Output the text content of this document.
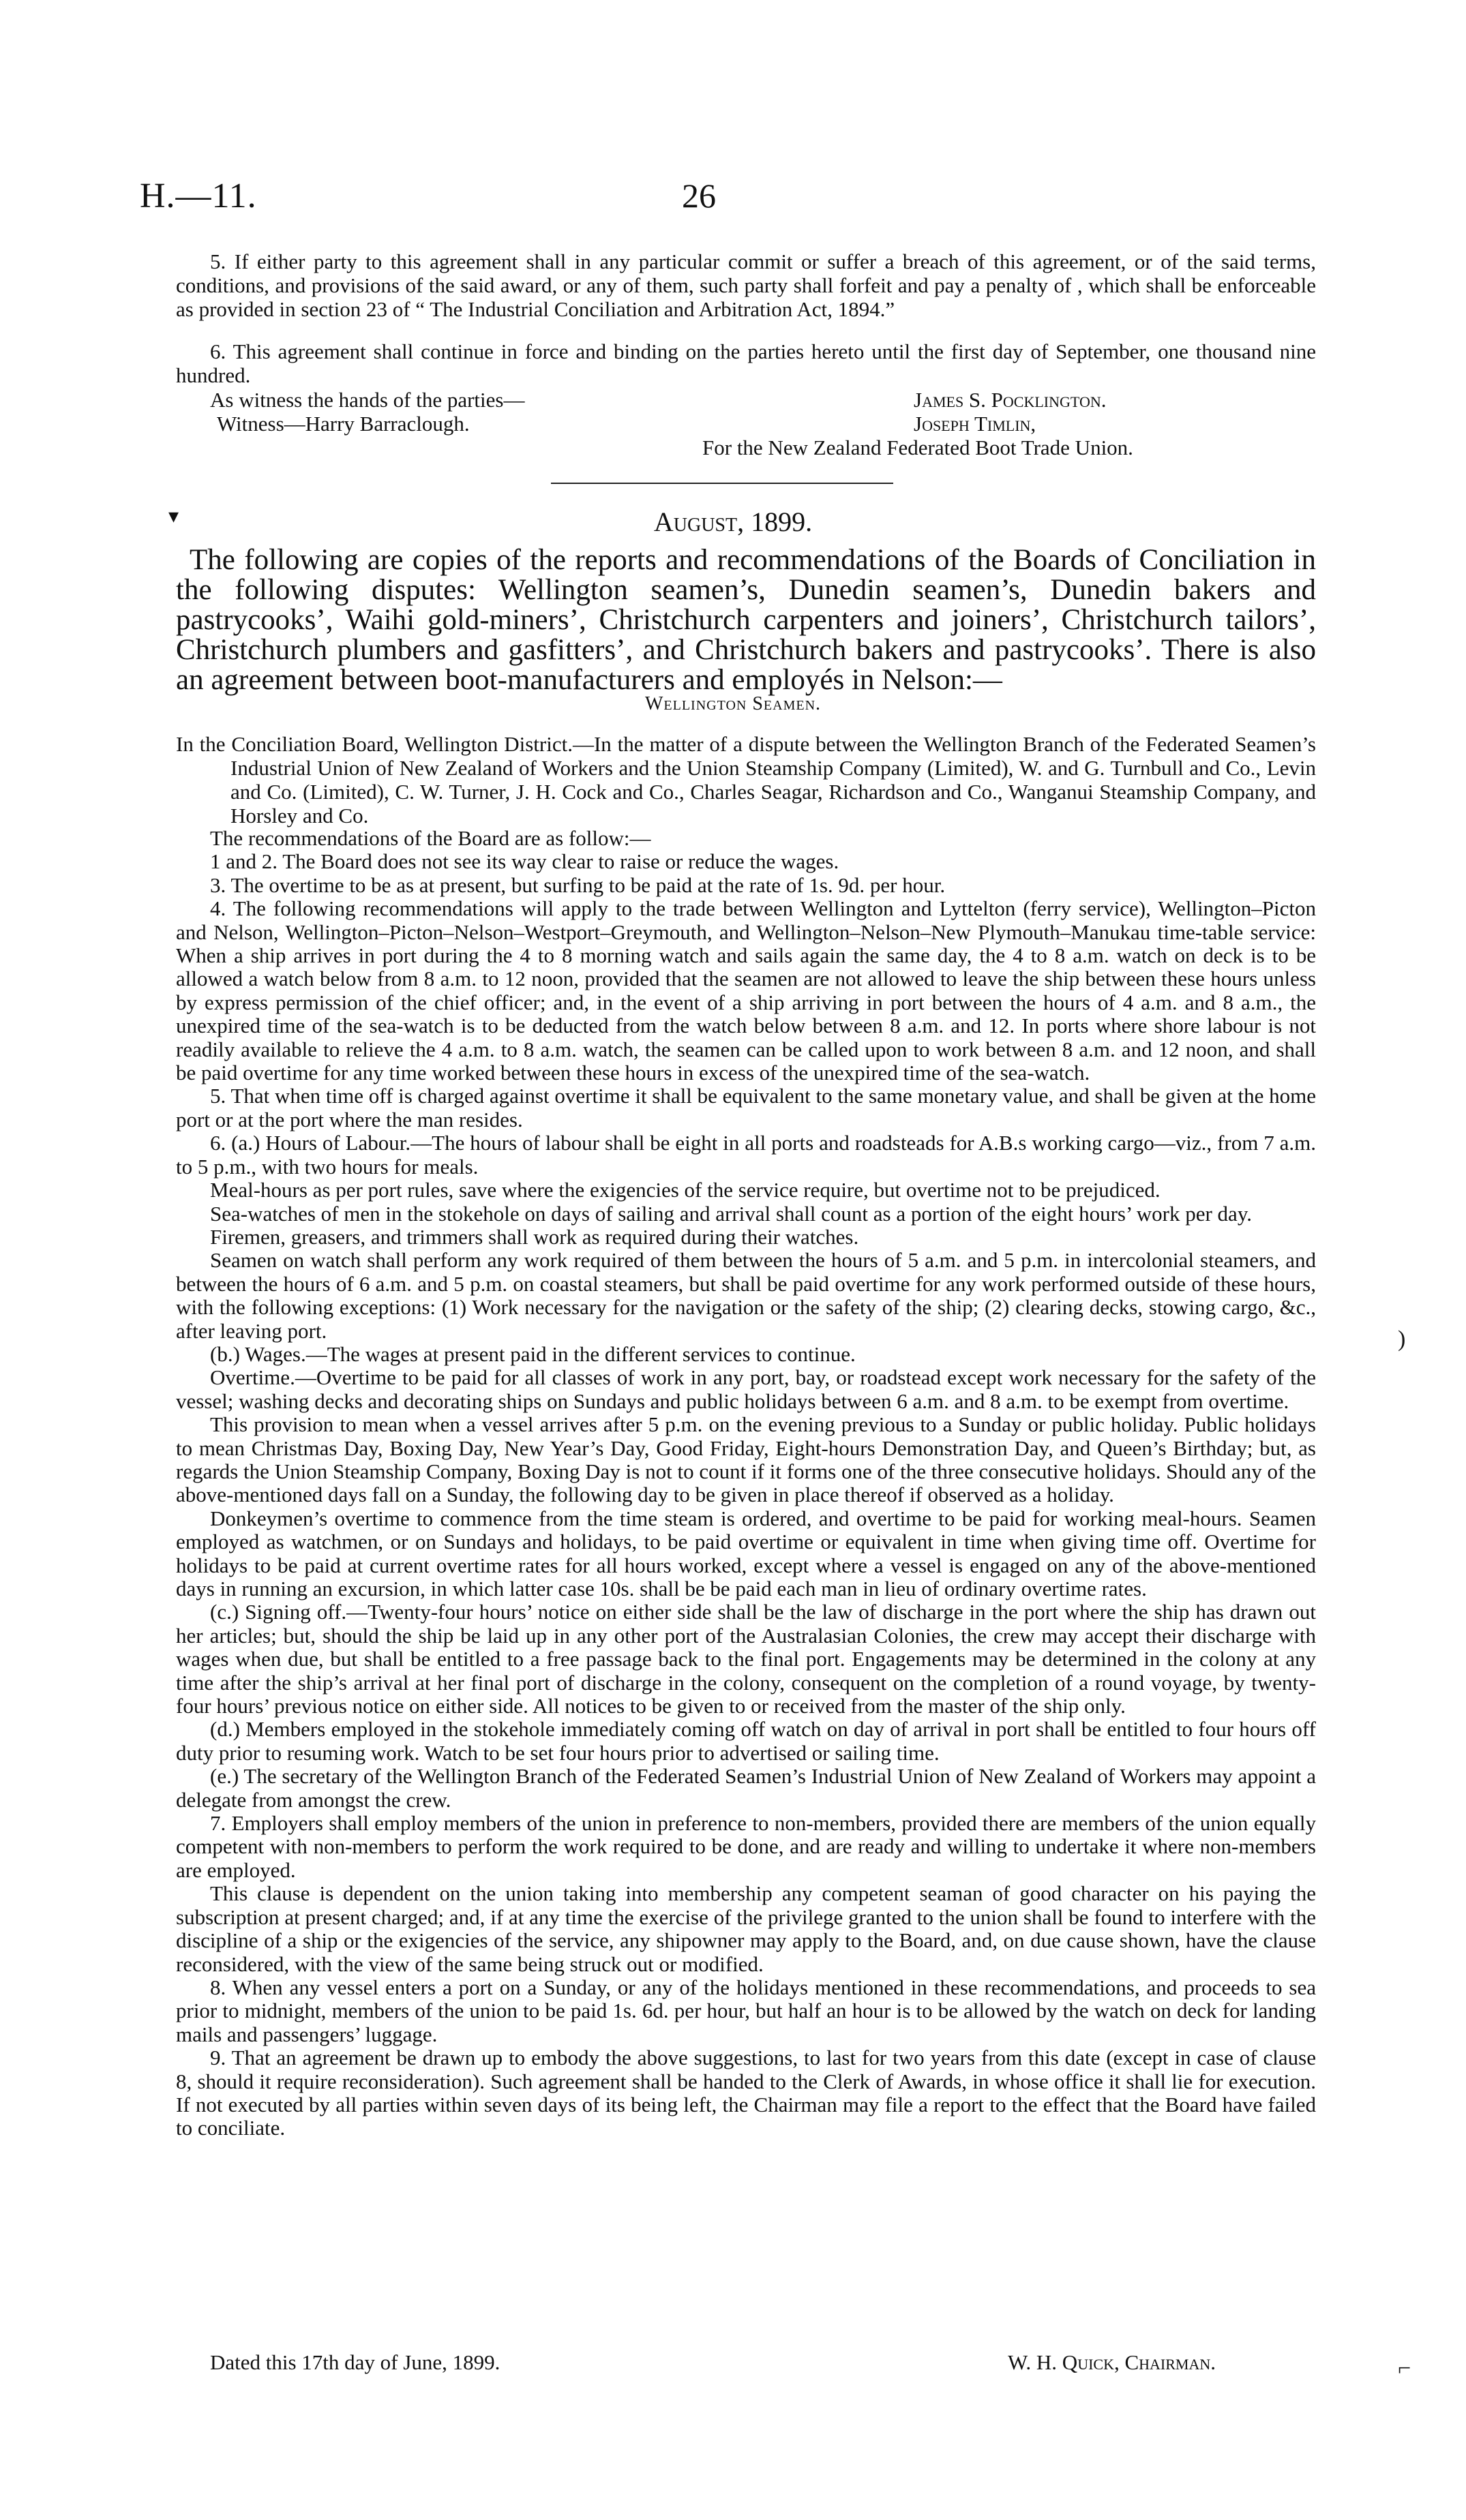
H.—11.	26
5. If either party to this agreement shall in any particular commit or suffer a breach of this agreement, or of the said terms, conditions, and provisions of the said award, or any of them, such party shall forfeit and pay a penalty of , which shall be enforceable as provided in section 23 of “ The Industrial Conciliation and Arbitration Act, 1894.”
6. This agreement shall continue in force and binding on the parties hereto until the first day of September, one thousand nine hundred.
As witness the hands of the parties—
Witness—Harry Barraclough.
James S. Pocklington.
Joseph Timlin,
For the New Zealand Federated Boot Trade Union.
▾	August, 1899.
The following are copies of the reports and recommendations of the Boards of Conciliation in the following disputes: Wellington seamen’s, Dunedin seamen’s, Dunedin bakers and pastrycooks’, Waihi gold-miners’, Christchurch carpenters and joiners’, Christchurch tailors’, Christchurch plumbers and gasfitters’, and Christchurch bakers and pastrycooks’. There is also an agreement between boot-manufacturers and employés in Nelson:—
Wellington Seamen.
In the Conciliation Board, Wellington District.—In the matter of a dispute between the Wellington Branch of the Federated Seamen’s Industrial Union of New Zealand of Workers and the Union Steamship Company (Limited), W. and G. Turnbull and Co., Levin and Co. (Limited), C. W. Turner, J. H. Cock and Co., Charles Seagar, Richardson and Co., Wanganui Steamship Company, and Horsley and Co.

The recommendations of the Board are as follow:—

1 and 2. The Board does not see its way clear to raise or reduce the wages.

3. The overtime to be as at present, but surfing to be paid at the rate of 1s. 9d. per hour.

4. The following recommendations will apply to the trade between Wellington and Lyttelton (ferry service), Wellington–Picton and Nelson, Wellington–Picton–Nelson–Westport–Greymouth, and Wellington–Nelson–New Plymouth–Manukau time-table service: When a ship arrives in port during the 4 to 8 morning watch and sails again the same day, the 4 to 8 a.m. watch on deck is to be allowed a watch below from 8 a.m. to 12 noon, provided that the seamen are not allowed to leave the ship between these hours unless by express permission of the chief officer; and, in the event of a ship arriving in port between the hours of 4 a.m. and 8 a.m., the unexpired time of the sea-watch is to be deducted from the watch below between 8 a.m. and 12. In ports where shore labour is not readily available to relieve the 4 a.m. to 8 a.m. watch, the seamen can be called upon to work between 8 a.m. and 12 noon, and shall be paid overtime for any time worked between these hours in excess of the unexpired time of the sea-watch.

5. That when time off is charged against overtime it shall be equivalent to the same monetary value, and shall be given at the home port or at the port where the man resides.

6. (a.) Hours of Labour.—The hours of labour shall be eight in all ports and roadsteads for A.B.s working cargo—viz., from 7 a.m. to 5 p.m., with two hours for meals.

Meal-hours as per port rules, save where the exigencies of the service require, but overtime not to be prejudiced.

Sea-watches of men in the stokehole on days of sailing and arrival shall count as a portion of the eight hours’ work per day.

Firemen, greasers, and trimmers shall work as required during their watches.

Seamen on watch shall perform any work required of them between the hours of 5 a.m. and 5 p.m. in intercolonial steamers, and between the hours of 6 a.m. and 5 p.m. on coastal steamers, but shall be paid overtime for any work performed outside of these hours, with the following exceptions: (1) Work necessary for the navigation or the safety of the ship; (2) clearing decks, stowing cargo, &c., after leaving port.

(b.) Wages.—The wages at present paid in the different services to continue.

Overtime.—Overtime to be paid for all classes of work in any port, bay, or roadstead except work necessary for the safety of the vessel; washing decks and decorating ships on Sundays and public holidays between 6 a.m. and 8 a.m. to be exempt from overtime.

This provision to mean when a vessel arrives after 5 p.m. on the evening previous to a Sunday or public holiday. Public holidays to mean Christmas Day, Boxing Day, New Year’s Day, Good Friday, Eight-hours Demonstration Day, and Queen’s Birthday; but, as regards the Union Steamship Company, Boxing Day is not to count if it forms one of the three consecutive holidays. Should any of the above-mentioned days fall on a Sunday, the following day to be given in place thereof if observed as a holiday.

Donkeymen’s overtime to commence from the time steam is ordered, and overtime to be paid for working meal-hours. Seamen employed as watchmen, or on Sundays and holidays, to be paid overtime or equivalent in time when giving time off. Overtime for holidays to be paid at current overtime rates for all hours worked, except where a vessel is engaged on any of the above-mentioned days in running an excursion, in which latter case 10s. shall be be paid each man in lieu of ordinary overtime rates.

(c.) Signing off.—Twenty-four hours’ notice on either side shall be the law of discharge in the port where the ship has drawn out her articles; but, should the ship be laid up in any other port of the Australasian Colonies, the crew may accept their discharge with wages when due, but shall be entitled to a free passage back to the final port. Engagements may be determined in the colony at any time after the ship’s arrival at her final port of discharge in the colony, consequent on the completion of a round voyage, by twenty-four hours’ previous notice on either side. All notices to be given to or received from the master of the ship only.

(d.) Members employed in the stokehole immediately coming off watch on day of arrival in port shall be entitled to four hours off duty prior to resuming work. Watch to be set four hours prior to advertised or sailing time.

(e.) The secretary of the Wellington Branch of the Federated Seamen’s Industrial Union of New Zealand of Workers may appoint a delegate from amongst the crew.

7. Employers shall employ members of the union in preference to non-members, provided there are members of the union equally competent with non-members to perform the work required to be done, and are ready and willing to undertake it where non-members are employed.

This clause is dependent on the union taking into membership any competent seaman of good character on his paying the subscription at present charged; and, if at any time the exercise of the privilege granted to the union shall be found to interfere with the discipline of a ship or the exigencies of the service, any shipowner may apply to the Board, and, on due cause shown, have the clause reconsidered, with the view of the same being struck out or modified.

8. When any vessel enters a port on a Sunday, or any of the holidays mentioned in these recommendations, and proceeds to sea prior to midnight, members of the union to be paid 1s. 6d. per hour, but half an hour is to be allowed by the watch on deck for landing mails and passengers’ luggage.

9. That an agreement be drawn up to embody the above suggestions, to last for two years from this date (except in case of clause 8, should it require reconsideration). Such agreement shall be handed to the Clerk of Awards, in whose office it shall lie for execution. If not executed by all parties within seven days of its being left, the Chairman may file a report to the effect that the Board have failed to conciliate.

Dated this 17th day of June, 1899.	W. H. Quick, Chairman.
)
⌐
